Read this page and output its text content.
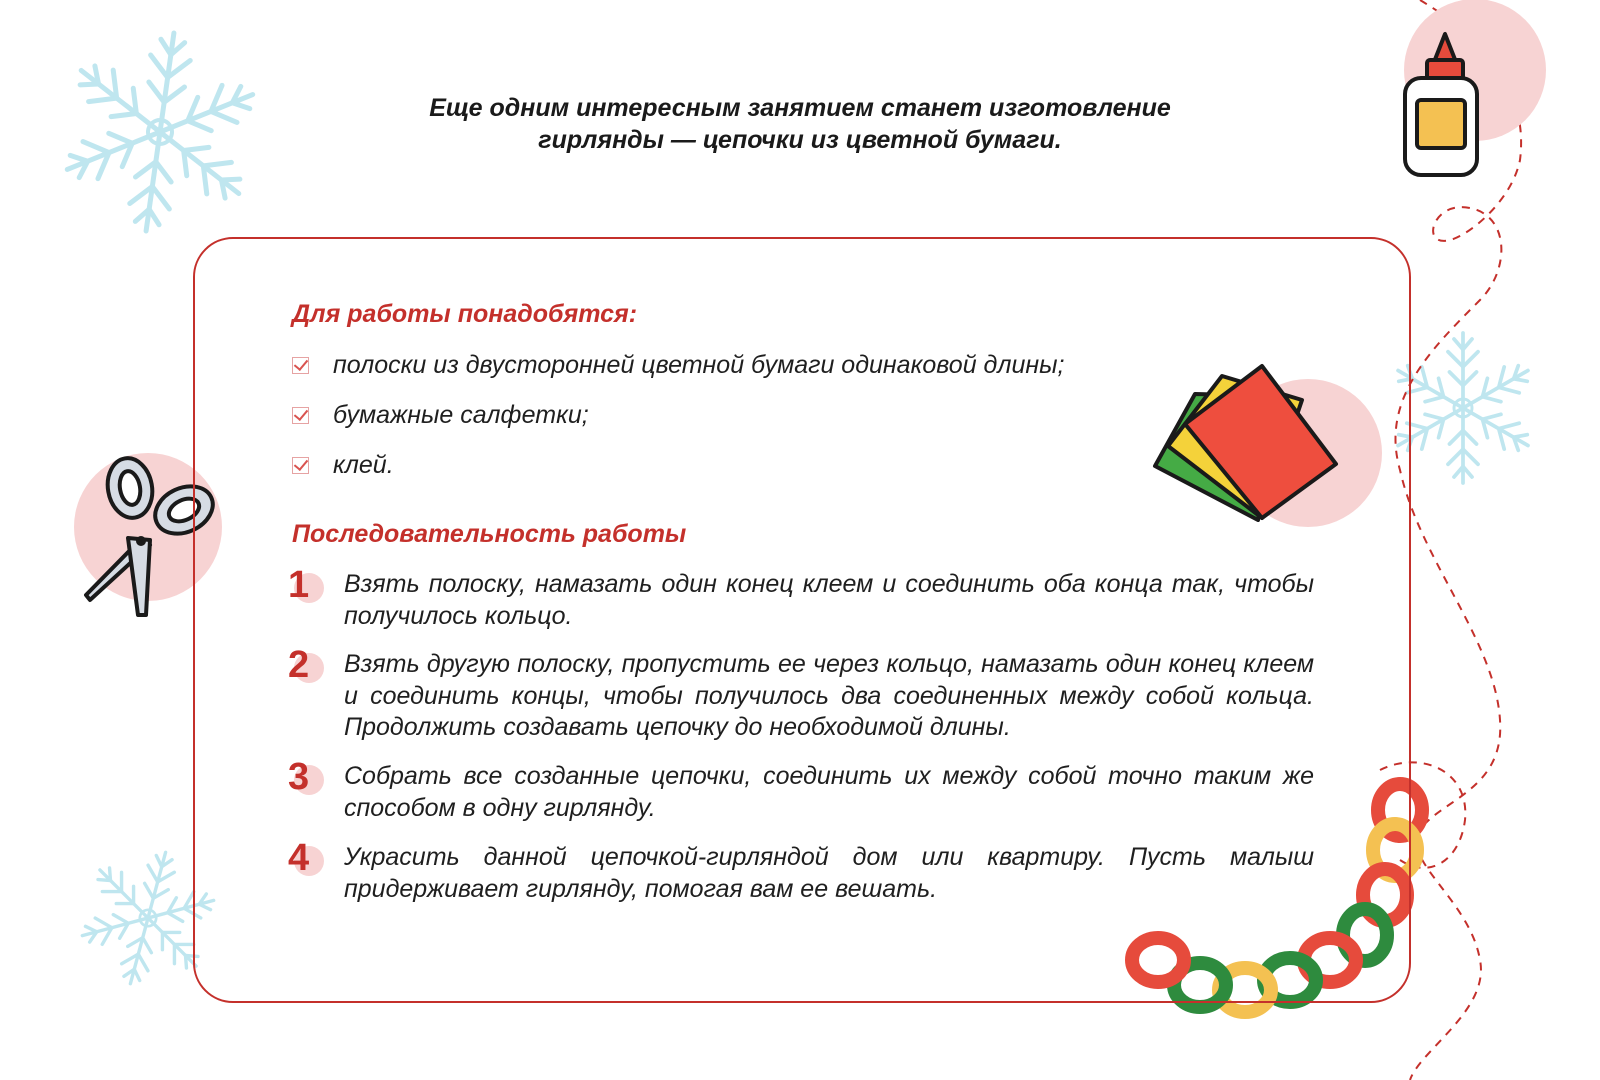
Еще одним интересным занятием станет изготовление
гирлянды — цепочки из цветной бумаги.
Для работы понадобятся:
полоски из двусторонней цветной бумаги одинаковой длины;
бумажные салфетки;
клей.
Последовательность работы
1 Взять полоску, намазать один конец клеем и соединить оба конца так, чтобы получилось кольцо.
2 Взять другую полоску, пропустить ее через кольцо, намазать один конец клеем и соединить концы, чтобы получилось два соединенных между собой кольца. Продолжить создавать цепочку до необходимой длины.
3 Собрать все созданные цепочки, соединить их между собой точно таким же способом в одну гирлянду.
4 Украсить данной цепочкой-гирляндой дом или квартиру. Пусть малыш придерживает гирлянду, помогая вам ее вешать.
